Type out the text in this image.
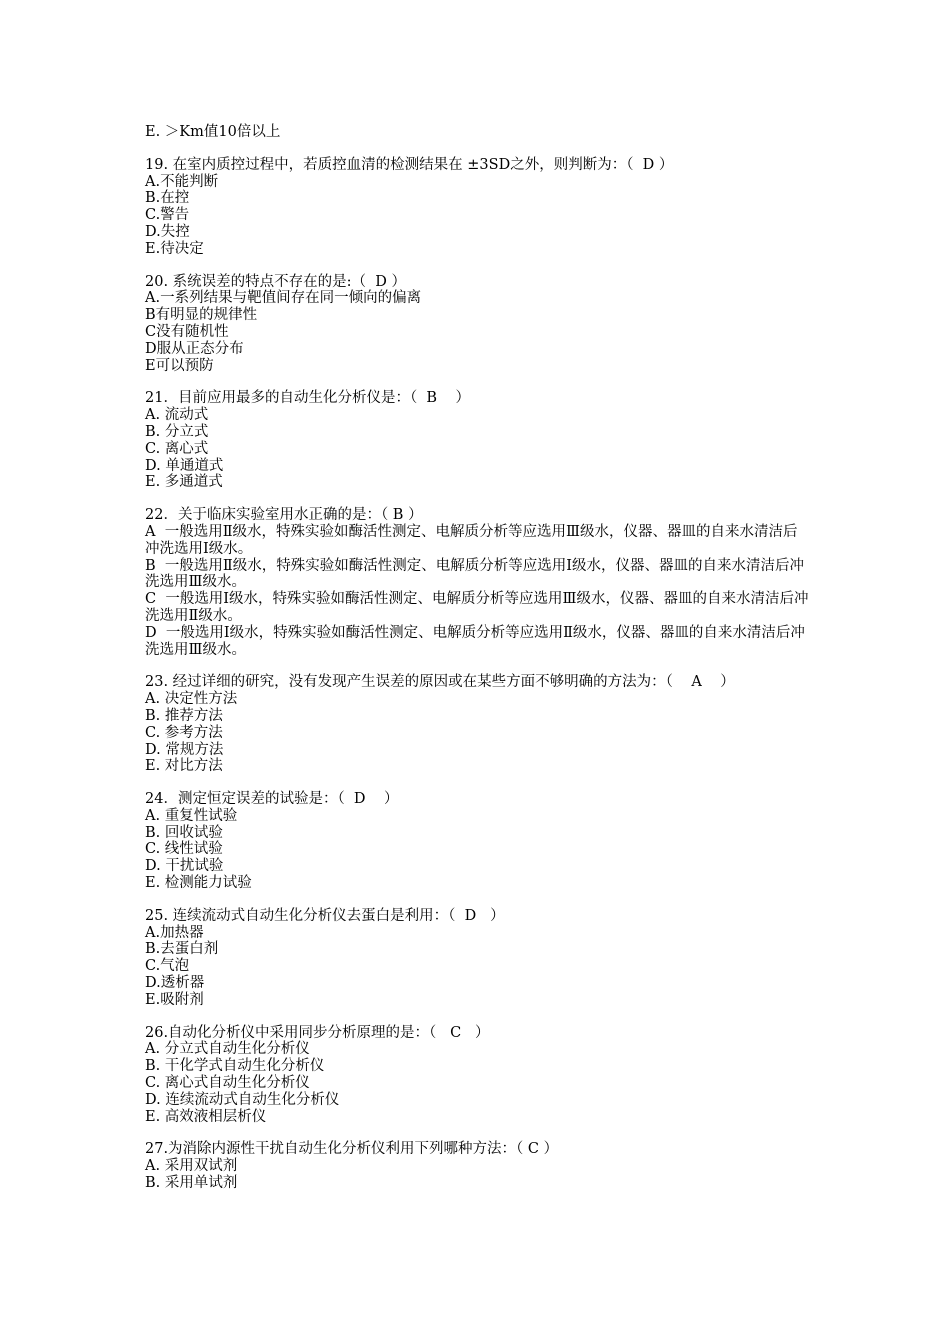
E. ＞Km值10倍以上
19. 在室内质控过程中，若质控血清的检测结果在 ±3SD之外，则判断为：（  D ）
A.不能判断
B.在控
C.警告
D.失控
E.待决定
20. 系统误差的特点不存在的是:（  D ）
A.一系列结果与靶值间存在同一倾向的偏离
B有明显的规律性
C没有随机性
D服从正态分布
E可以预防
21．目前应用最多的自动生化分析仪是：（  B    ）
A. 流动式
B. 分立式
C. 离心式
D. 单通道式
E. 多通道式
22．关于临床实验室用水正确的是：（ B ）
A  一般选用Ⅱ级水，特殊实验如酶活性测定、电解质分析等应选用Ⅲ级水，仪器、器皿的自来水清洁后冲洗选用Ⅰ级水。
B  一般选用Ⅱ级水，特殊实验如酶活性测定、电解质分析等应选用Ⅰ级水，仪器、器皿的自来水清洁后冲洗选用Ⅲ级水。
C  一般选用Ⅰ级水，特殊实验如酶活性测定、电解质分析等应选用Ⅲ级水，仪器、器皿的自来水清洁后冲洗选用Ⅱ级水。
D  一般选用Ⅰ级水，特殊实验如酶活性测定、电解质分析等应选用Ⅱ级水，仪器、器皿的自来水清洁后冲洗选用Ⅲ级水。
23. 经过详细的研究，没有发现产生误差的原因或在某些方面不够明确的方法为：（    A    ）
A. 决定性方法
B. 推荐方法
C. 参考方法
D. 常规方法
E. 对比方法
24．测定恒定误差的试验是：（  D    ）
A. 重复性试验
B. 回收试验
C. 线性试验
D. 干扰试验
E. 检测能力试验
25. 连续流动式自动生化分析仪去蛋白是利用：（  D   ）
A.加热器
B.去蛋白剂
C.气泡
D.透析器
E.吸附剂
26.自动化分析仪中采用同步分析原理的是：（   C   ）
A. 分立式自动生化分析仪
B. 干化学式自动生化分析仪
C. 离心式自动生化分析仪
D. 连续流动式自动生化分析仪
E. 高效液相层析仪
27.为消除内源性干扰自动生化分析仪利用下列哪种方法：（ C ）
A. 采用双试剂
B. 采用单试剂
